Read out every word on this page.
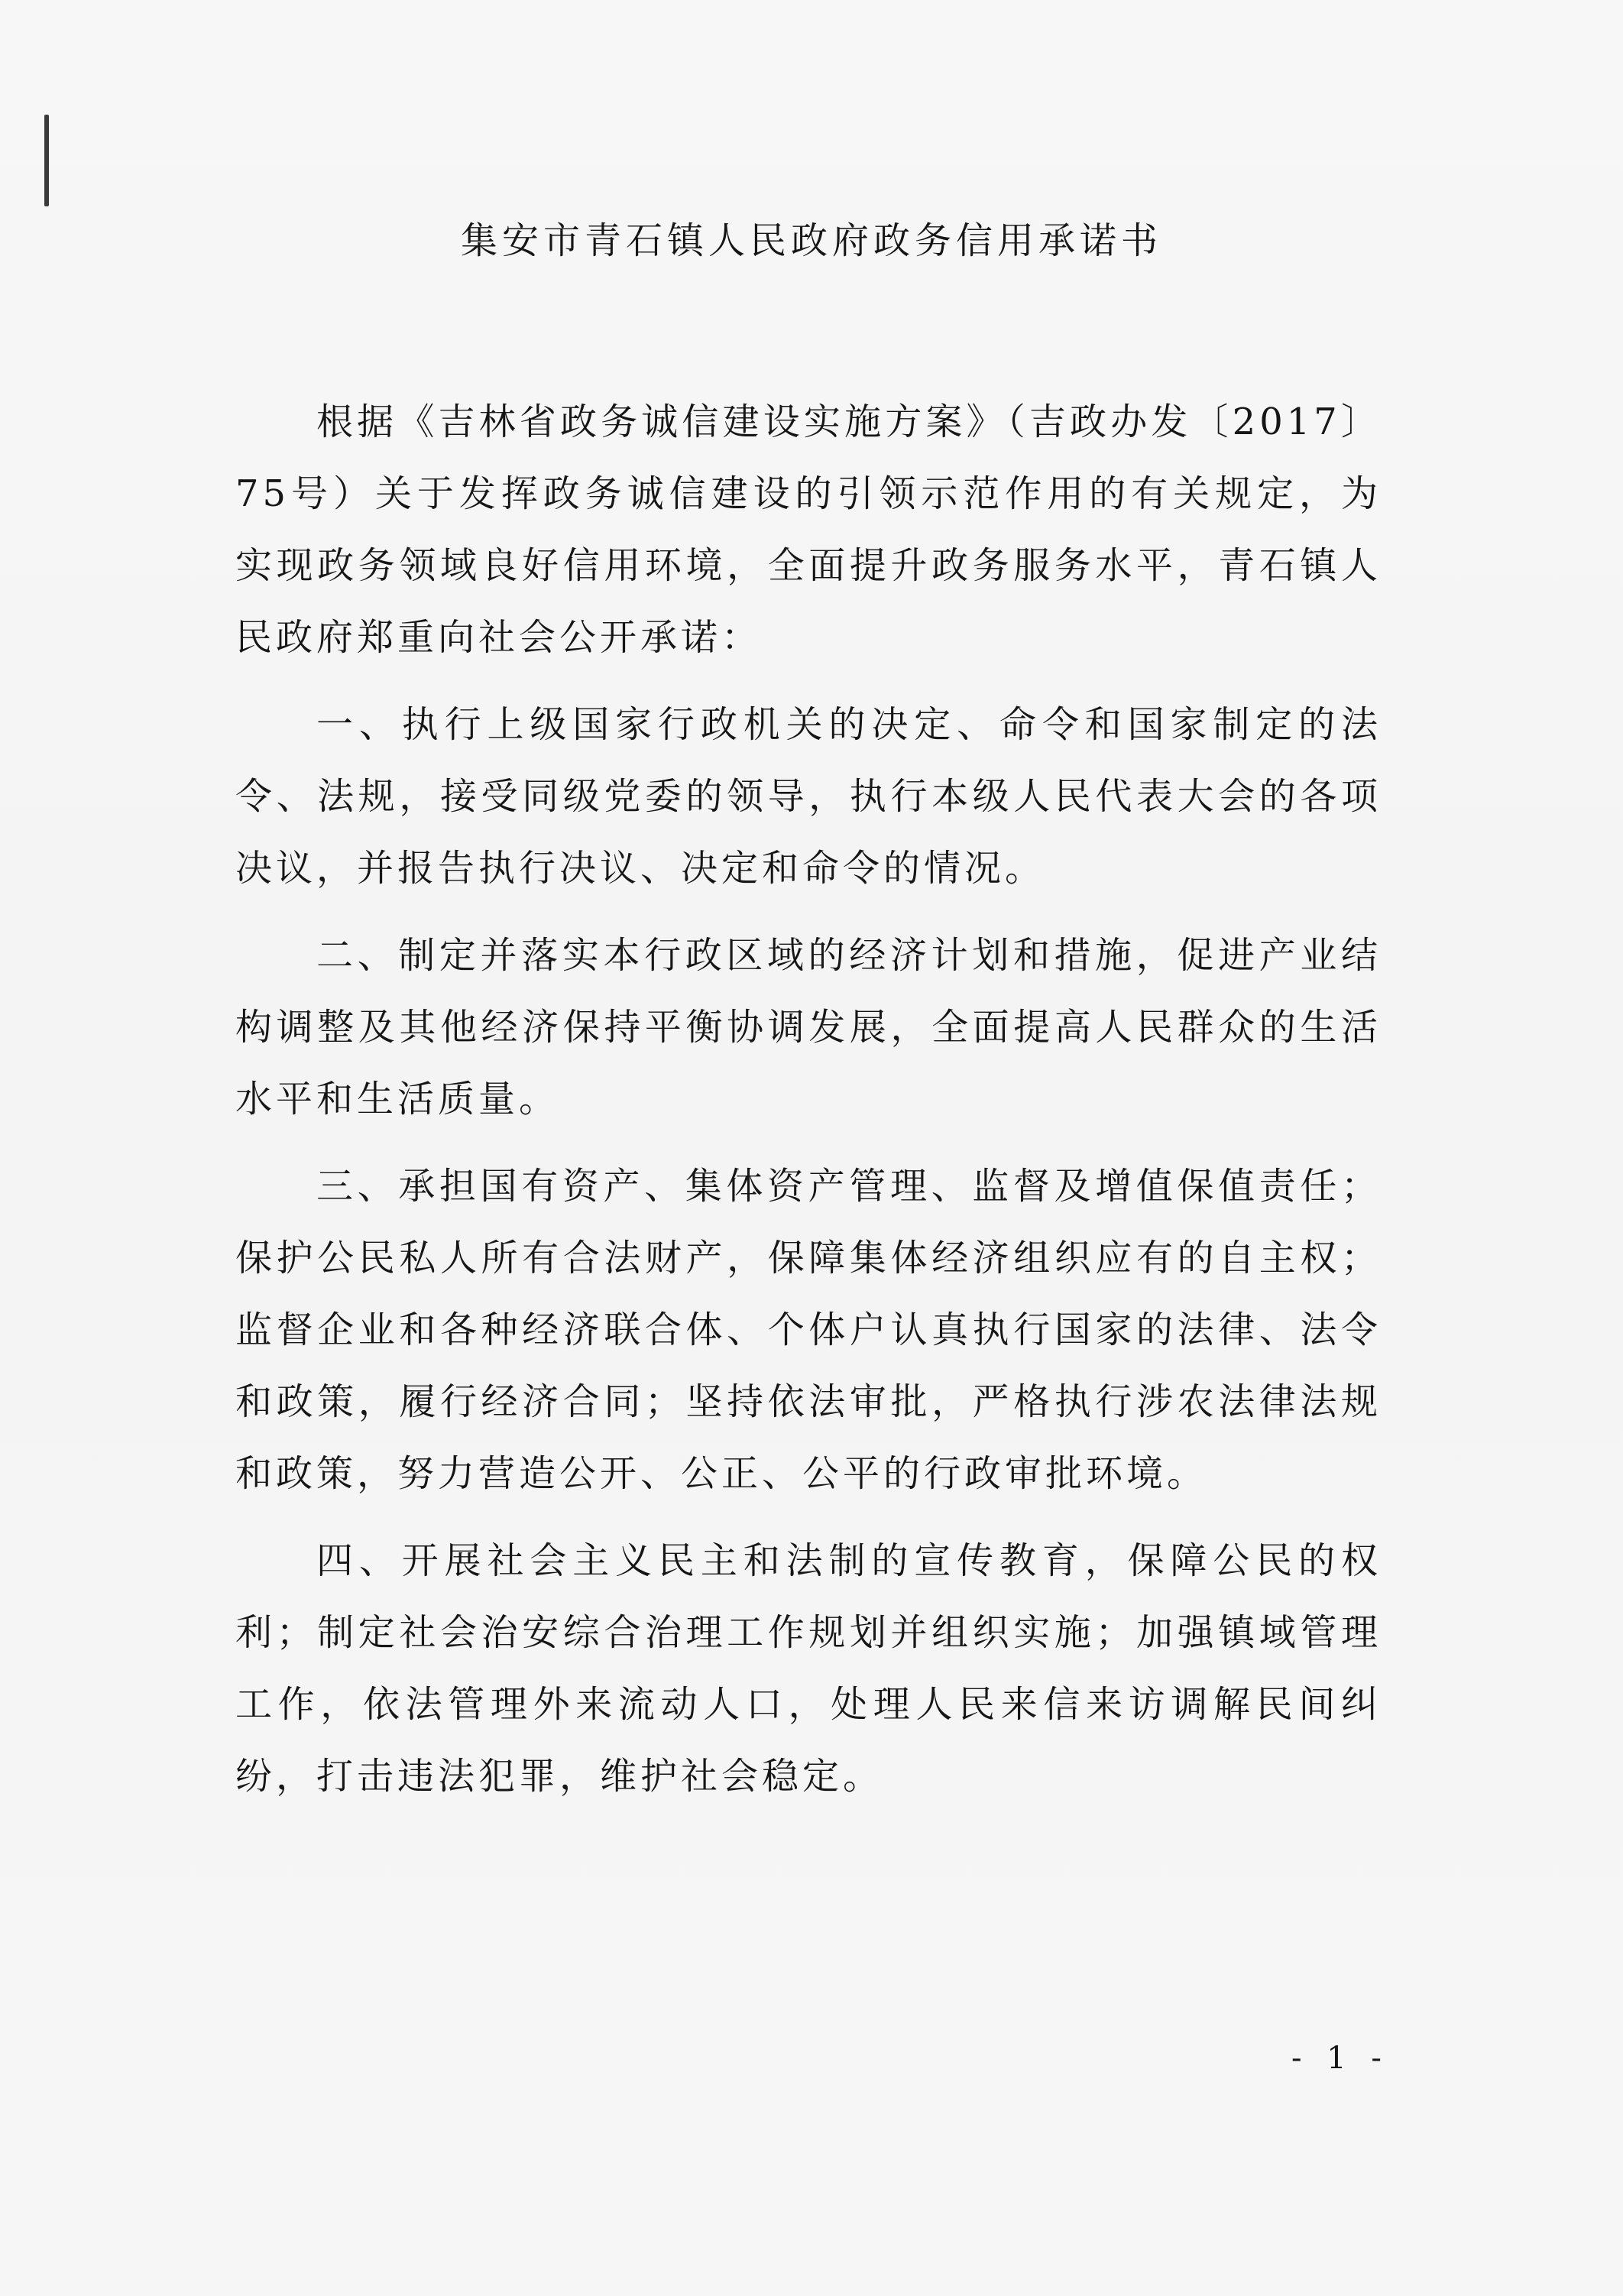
集安市青石镇人民政府政务信用承诺书

根据《吉林省政务诚信建设实施方案》（吉政办发〔2017〕75号）关于发挥政务诚信建设的引领示范作用的有关规定，为实现政务领域良好信用环境，全面提升政务服务水平，青石镇人民政府郑重向社会公开承诺：

一、执行上级国家行政机关的决定、命令和国家制定的法令、法规，接受同级党委的领导，执行本级人民代表大会的各项决议，并报告执行决议、决定和命令的情况。

二、制定并落实本行政区域的经济计划和措施，促进产业结构调整及其他经济保持平衡协调发展，全面提高人民群众的生活水平和生活质量。

三、承担国有资产、集体资产管理、监督及增值保值责任；保护公民私人所有合法财产，保障集体经济组织应有的自主权；监督企业和各种经济联合体、个体户认真执行国家的法律、法令和政策，履行经济合同；坚持依法审批，严格执行涉农法律法规和政策，努力营造公开、公正、公平的行政审批环境。

四、开展社会主义民主和法制的宣传教育，保障公民的权利；制定社会治安综合治理工作规划并组织实施；加强镇域管理工作，依法管理外来流动人口，处理人民来信来访调解民间纠纷，打击违法犯罪，维护社会稳定。

- 1 -
